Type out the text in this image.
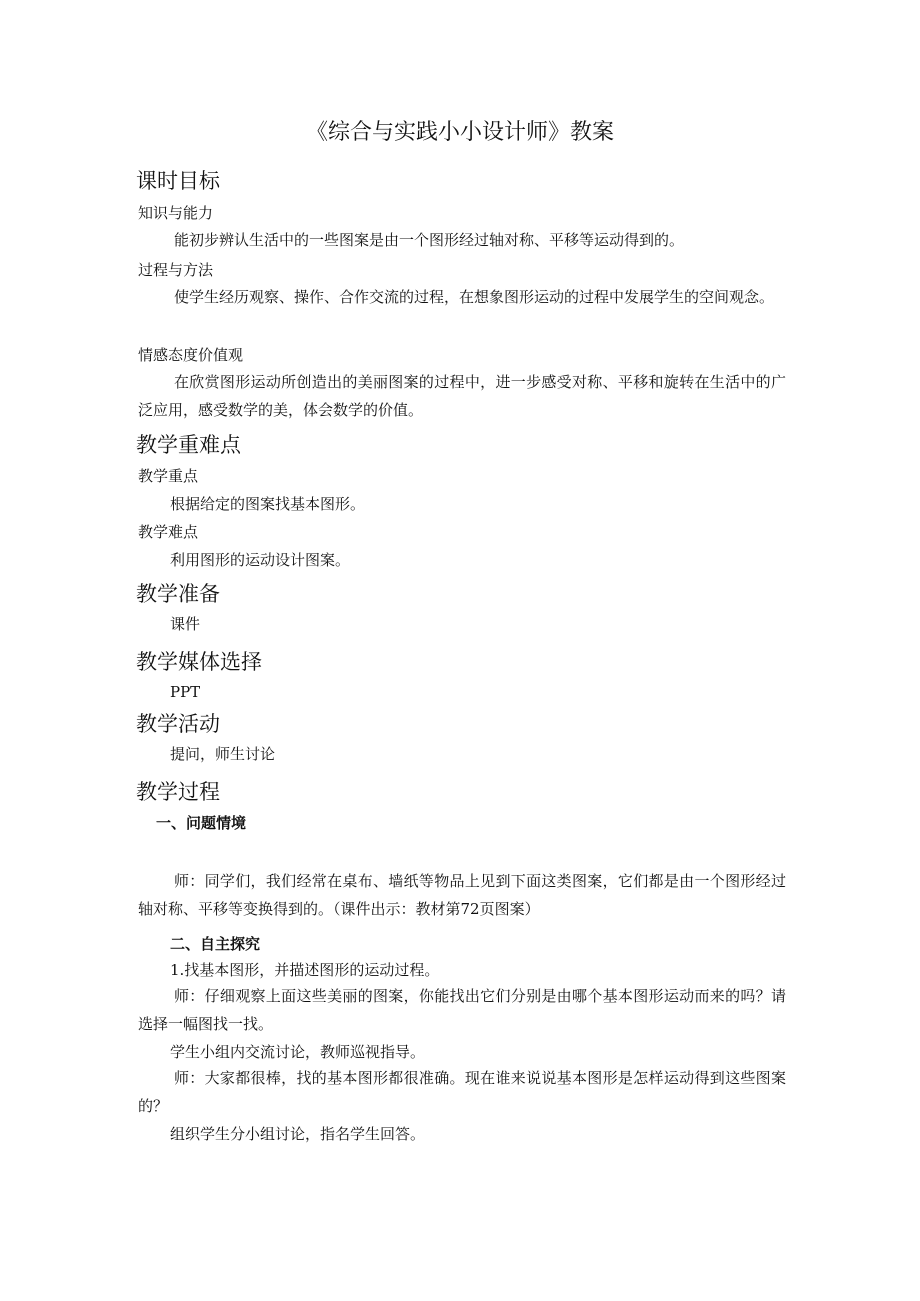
《综合与实践小小设计师》教案
课时目标
知识与能力
能初步辨认生活中的一些图案是由一个图形经过轴对称、平移等运动得到的。
过程与方法
使学生经历观察、操作、合作交流的过程，在想象图形运动的过程中发展学生的空间观念。
情感态度价值观
在欣赏图形运动所创造出的美丽图案的过程中，进一步感受对称、平移和旋转在生活中的广泛应用，感受数学的美，体会数学的价值。
教学重难点
教学重点
根据给定的图案找基本图形。
教学难点
利用图形的运动设计图案。
教学准备
课件
教学媒体选择
PPT
教学活动
提问，师生讨论
教学过程
一、问题情境
师：同学们，我们经常在桌布、墙纸等物品上见到下面这类图案，它们都是由一个图形经过轴对称、平移等变换得到的。（课件出示：教材第72页图案）
二、自主探究
1.找基本图形，并描述图形的运动过程。
师：仔细观察上面这些美丽的图案，你能找出它们分别是由哪个基本图形运动而来的吗？请选择一幅图找一找。
学生小组内交流讨论，教师巡视指导。
师：大家都很棒，找的基本图形都很准确。现在谁来说说基本图形是怎样运动得到这些图案的？
组织学生分小组讨论，指名学生回答。
